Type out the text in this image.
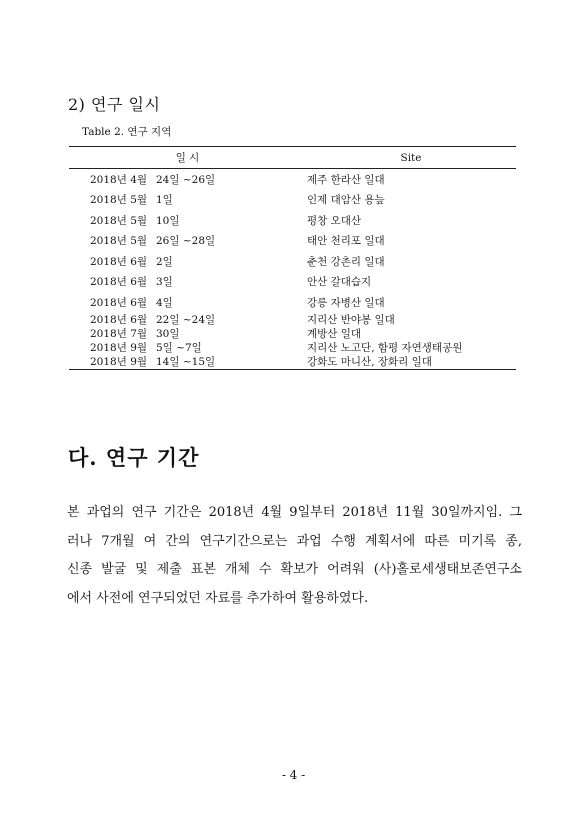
2) 연구 일시
Table 2. 연구 지역
일 시	Site
2018년 4월 24일 ~26일	제주 한라산 일대
2018년 5월 1일	인제 대암산 용늪
2018년 5월 10일	평창 오대산
2018년 5월 26일 ~28일	태안 천리포 일대
2018년 6월 2일	춘천 강촌리 일대
2018년 6월 3일	안산 갈대습지
2018년 6월 4일	강릉 자병산 일대
2018년 6월 22일 ~24일	지리산 반야봉 일대
2018년 7월 30일	계방산 일대
2018년 9월 5일 ~7일	지리산 노고단, 함평 자연생태공원
2018년 9월 14일 ~15일	강화도 마니산, 장화리 일대
다. 연구 기간
본 과업의 연구 기간은 2018년 4월 9일부터 2018년 11월 30일까지임. 그
러나 7개월 여 간의 연구기간으로는 과업 수행 계획서에 따른 미기록 종,
신종 발굴 및 제출 표본 개체 수 확보가 어려워 (사)홀로세생태보존연구소
에서 사전에 연구되었던 자료를 추가하여 활용하였다.
- 4 -
